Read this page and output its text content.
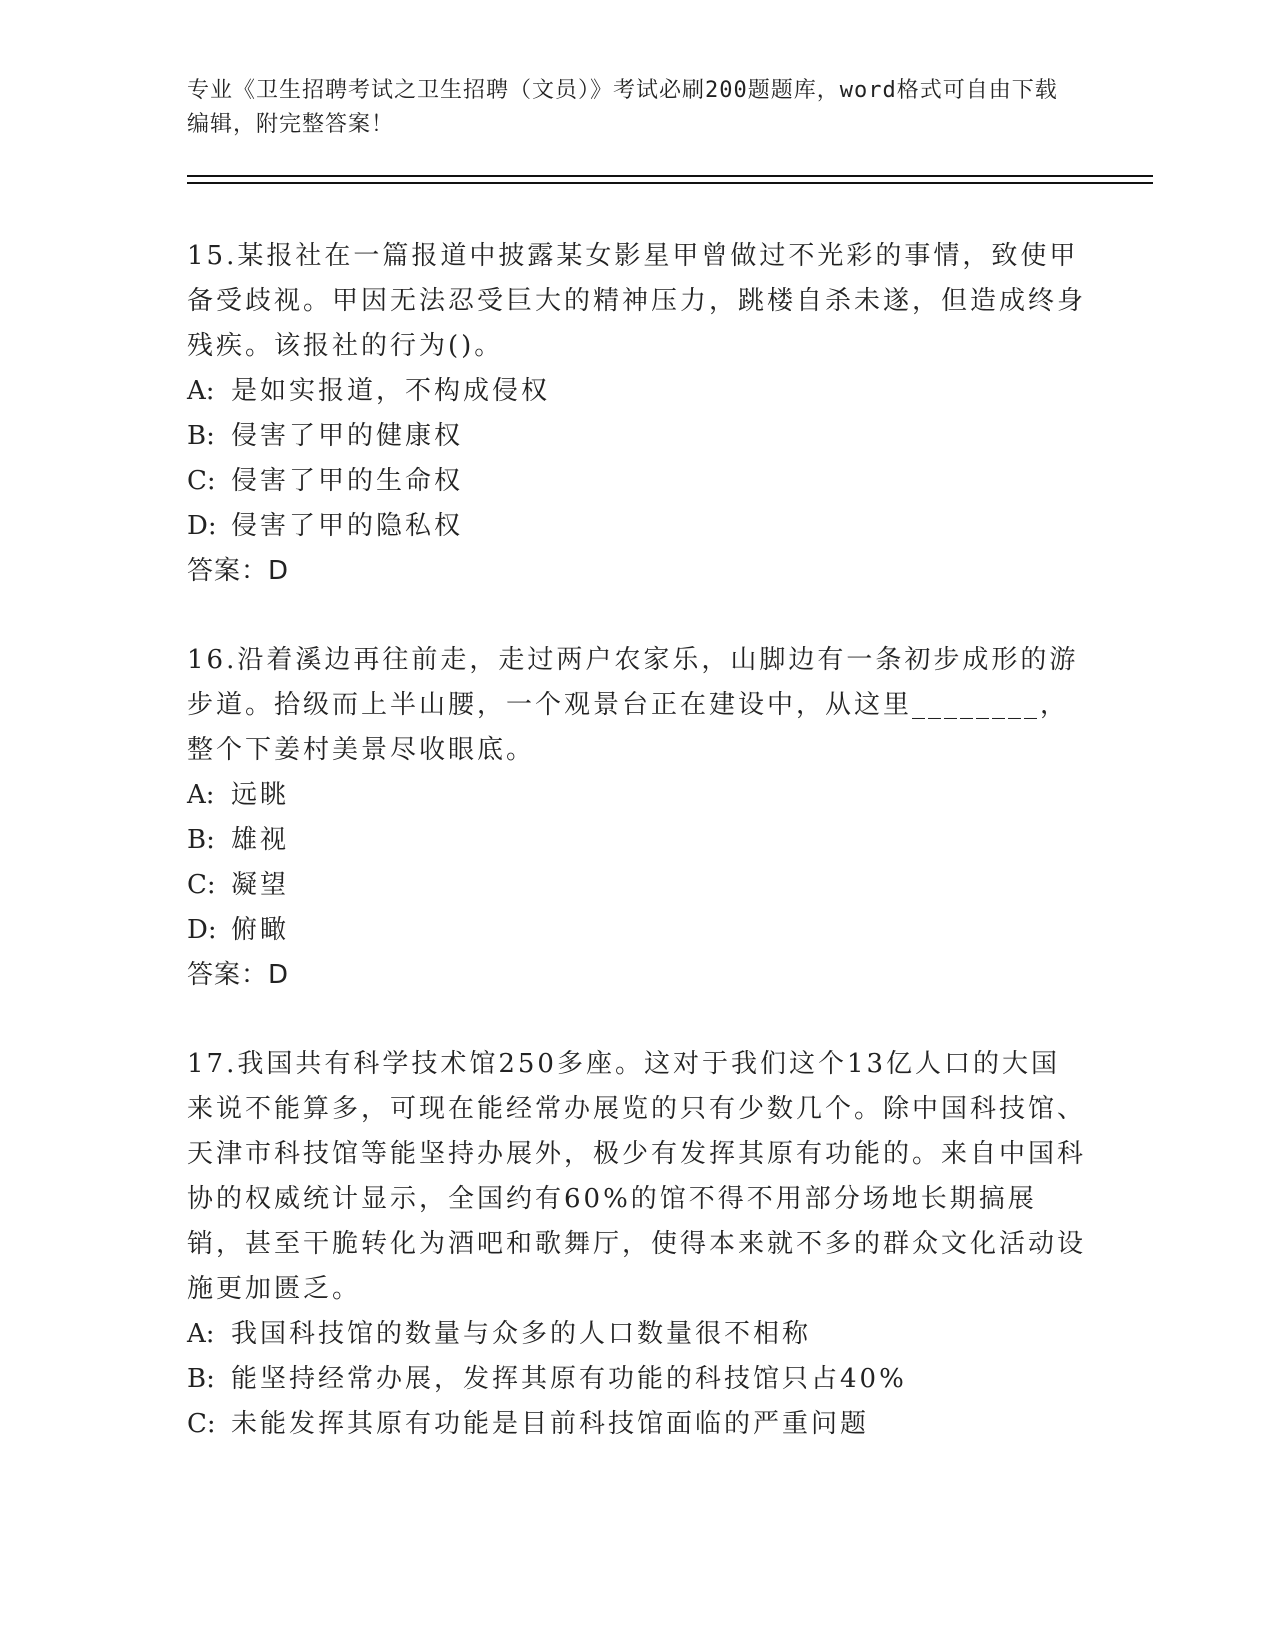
专业《卫生招聘考试之卫生招聘（文员）》考试必刷200题题库，word格式可自由下载编辑，附完整答案！

15.某报社在一篇报道中披露某女影星甲曾做过不光彩的事情，致使甲备受歧视。甲因无法忍受巨大的精神压力，跳楼自杀未遂，但造成终身残疾。该报社的行为()。

A: 是如实报道，不构成侵权

B: 侵害了甲的健康权

C: 侵害了甲的生命权

D: 侵害了甲的隐私权

答案：D

16.沿着溪边再往前走，走过两户农家乐，山脚边有一条初步成形的游步道。拾级而上半山腰，一个观景台正在建设中，从这里________，整个下姜村美景尽收眼底。

A: 远眺

B: 雄视

C: 凝望

D: 俯瞰

答案：D

17.我国共有科学技术馆250多座。这对于我们这个13亿人口的大国来说不能算多，可现在能经常办展览的只有少数几个。除中国科技馆、天津市科技馆等能坚持办展外，极少有发挥其原有功能的。来自中国科协的权威统计显示，全国约有60%的馆不得不用部分场地长期搞展销，甚至干脆转化为酒吧和歌舞厅，使得本来就不多的群众文化活动设施更加匮乏。

A: 我国科技馆的数量与众多的人口数量很不相称

B: 能坚持经常办展，发挥其原有功能的科技馆只占40%

C: 未能发挥其原有功能是目前科技馆面临的严重问题
